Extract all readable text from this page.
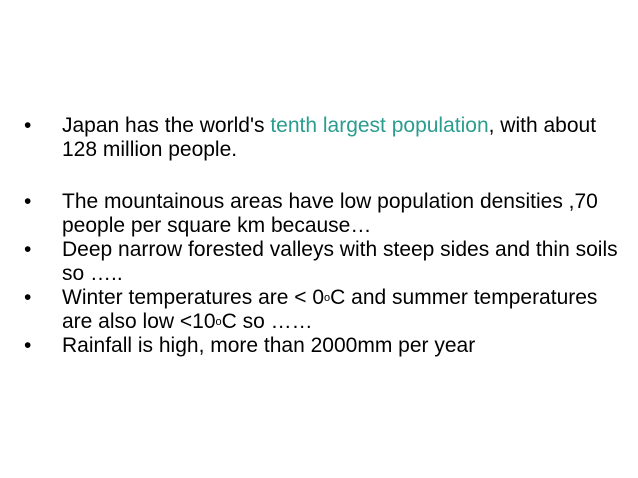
•	Japan has the world's tenth largest population, with about 128 million people.
•	The mountainous areas have low population densities ,70 people per square km because…
•	Deep narrow forested valleys with steep sides and thin soils so …..
•	Winter temperatures are < $0^oC$ and summer temperatures are also low $<10^oC$ so ……
•	Rainfall is high, more than 2000mm per year
